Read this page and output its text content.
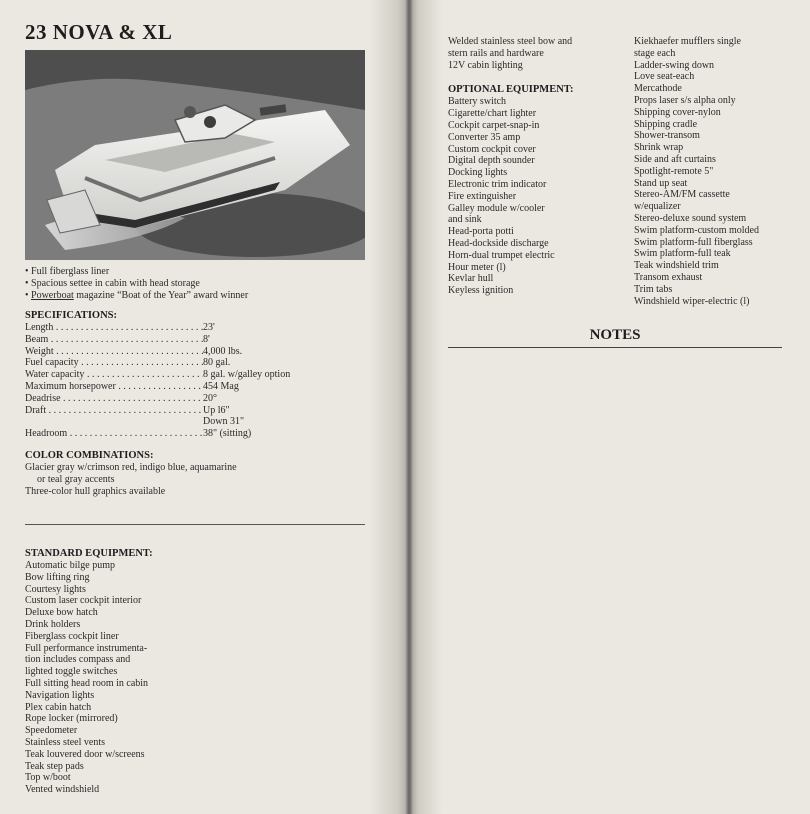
23 NOVA & XL
• Full fiberglass liner
• Spacious settee in cabin with head storage
• Powerboat magazine “Boat of the Year” award winner
SPECIFICATIONS:
Length . . .	23'
Beam . . .	8'
Weight . . .	4,000 lbs.
Fuel capacity . . .	80 gal.
Water capacity . . .	8 gal. w/galley option
Maximum horsepower . . .	454 Mag
Deadrise . . .	20°
Draft . . .	Up l6"
Down 31"
Headroom . . .	38" (sitting)
COLOR COMBINATIONS:
Glacier gray w/crimson red, indigo blue, aquamarine
or teal gray accents
Three-color hull graphics available
STANDARD EQUIPMENT:
Automatic bilge pump
Bow lifting ring
Courtesy lights
Custom laser cockpit interior
Deluxe bow hatch
Drink holders
Fiberglass cockpit liner
Full performance instrumenta-
tion includes compass and
lighted toggle switches
Full sitting head room in cabin
Navigation lights
Plex cabin hatch
Rope locker (mirrored)
Speedometer
Stainless steel vents
Teak louvered door w/screens
Teak step pads
Top w/boot
Vented windshield
Welded stainless steel bow and
stern rails and hardware
12V cabin lighting
OPTIONAL EQUIPMENT:
Battery switch
Cigarette/chart lighter
Cockpit carpet-snap-in
Converter 35 amp
Custom cockpit cover
Digital depth sounder
Docking lights
Electronic trim indicator
Fire extinguisher
Galley module w/cooler
and sink
Head-porta potti
Head-dockside discharge
Horn-dual trumpet electric
Hour meter (l)
Kevlar hull
Keyless ignition
Kiekhaefer mufflers single
stage each
Ladder-swing down
Love seat-each
Mercathode
Props laser s/s alpha only
Shipping cover-nylon
Shipping cradle
Shower-transom
Shrink wrap
Side and aft curtains
Spotlight-remote 5"
Stand up seat
Stereo-AM/FM cassette
w/equalizer
Stereo-deluxe sound system
Swim platform-custom molded
Swim platform-full fiberglass
Swim platform-full teak
Teak windshield trim
Transom exhaust
Trim tabs
Windshield wiper-electric (l)
NOTES
